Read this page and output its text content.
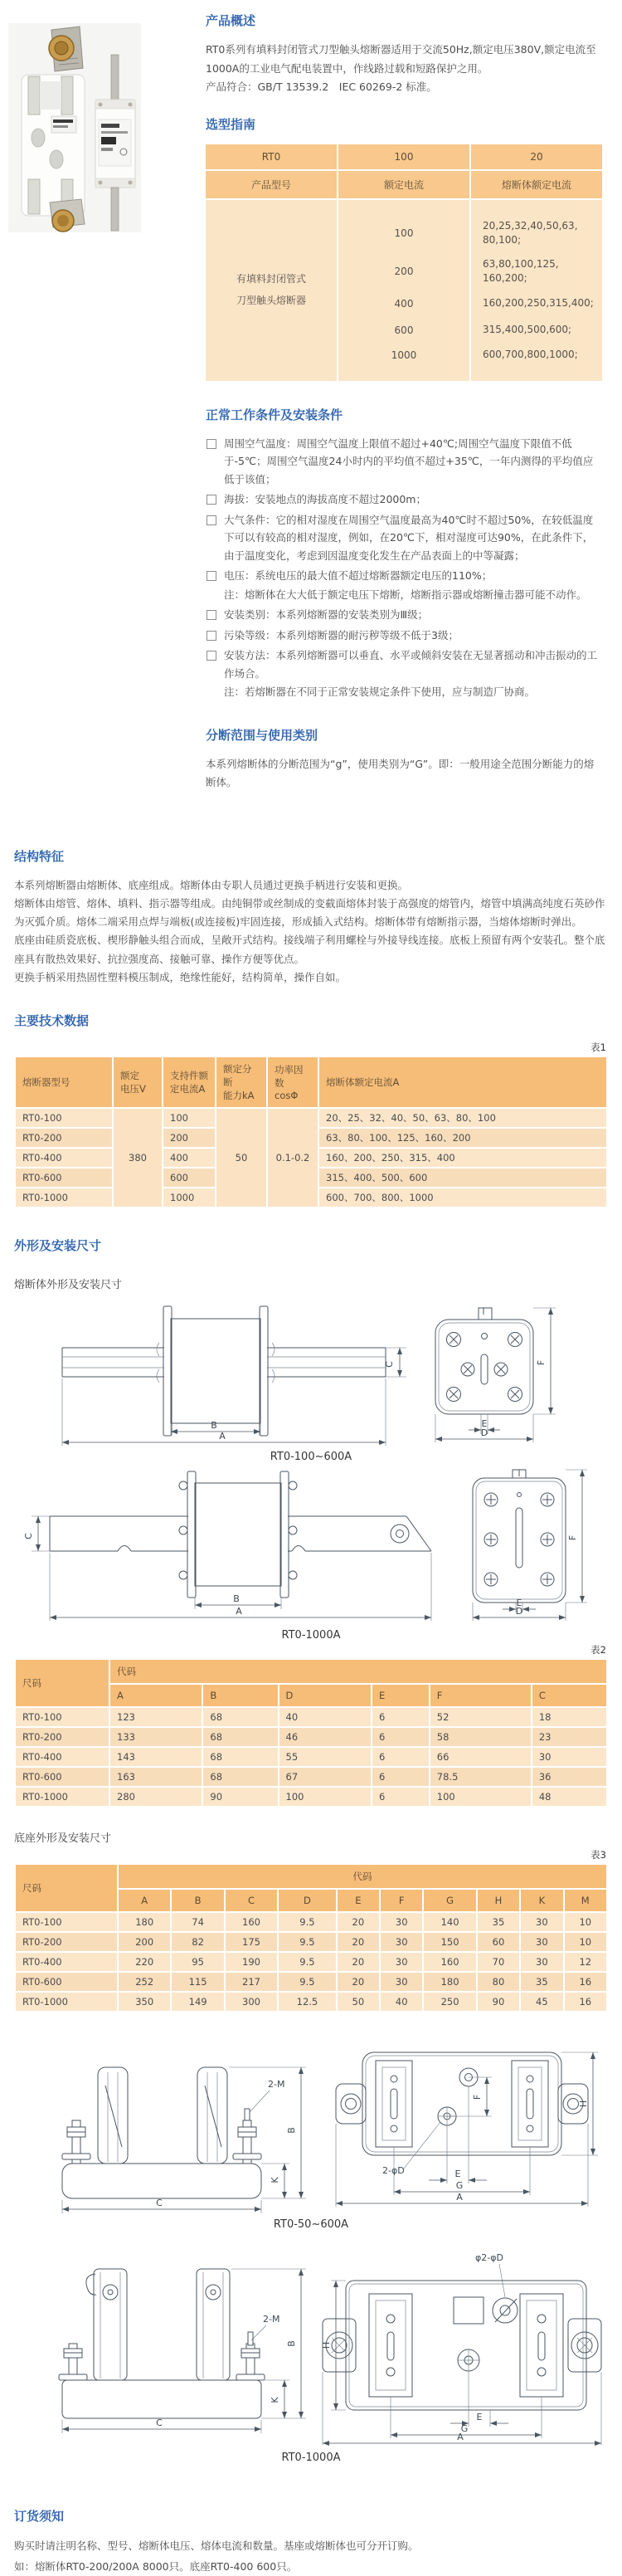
产品概述

RT0系列有填料封闭管式刀型触头熔断器适用于交流50Hz,额定电压380V,额定电流至1000A的工业电气配电装置中，作线路过载和短路保护之用。
产品符合：GB/T 13539.2　IEC 60269-2 标准。

选型指南
RT0	100	20
产品型号	额定电流	熔断体额定电流
有填料封闭管式
刀型触头熔断器
100
200
400
600
1000
20,25,32,40,50,63, 80,100;
63,80,100,125, 160,200;
160,200,250,315,400;
315,400,500,600;
600,700,800,1000;
正常工作条件及安装条件
周围空气温度：周围空气温度上限值不超过+40℃;周围空气温度下限值不低于-5℃；周围空气温度24小时内的平均值不超过+35℃，一年内测得的平均值应低于该值；
海拔：安装地点的海拔高度不超过2000m；
大气条件：它的相对湿度在周围空气温度最高为40℃时不超过50%，在较低温度下可以有较高的相对湿度，例如，在20℃下，相对湿度可达90%，在此条件下，由于温度变化，考虑到因温度变化发生在产品表面上的中等凝露；
电压：系统电压的最大值不超过熔断器额定电压的110%；
注：熔断体在大大低于额定电压下熔断，熔断指示器或熔断撞击器可能不动作。
安装类别：本系列熔断器的安装类别为Ⅲ级；
污染等级：本系列熔断器的耐污秽等级不低于3级；
安装方法：本系列熔断器可以垂直、水平或倾斜安装在无显著摇动和冲击振动的工作场合。
注：若熔断器在不同于正常安装规定条件下使用，应与制造厂协商。
分断范围与使用类别

本系列熔断体的分断范围为“g”，使用类别为“G”。即：一般用途全范围分断能力的熔断体。

结构特征

本系列熔断器由熔断体、底座组成。熔断体由专职人员通过更换手柄进行安装和更换。

熔断体由熔管、熔体、填料、指示器等组成。由纯铜带或丝制成的变截面熔体封装于高强度的熔管内，熔管中填满高纯度石英砂作为灭弧介质。熔体二端采用点焊与端板(或连接板)牢固连接，形成插入式结构。熔断体带有熔断指示器，当熔体熔断时弹出。

底座由硅质瓷底板、楔形静触头组合而成，呈敞开式结构。接线端子利用螺栓与外接导线连接。底板上预留有两个安装孔。整个底座具有散热效果好、抗拉强度高、接触可靠、操作方便等优点。

更换手柄采用热固性塑料模压制成，绝缘性能好，结构简单，操作自如。

主要技术数据
表1
熔断器型号	额定
电压V	支持件额
定电流A	额定分断
能力kA	功率因数
cosΦ	熔断体额定电流A
RT0-100	380	100	50	0.1-0.2	20、25、32、40、50、63、80、100
RT0-200		200			63、80、100、125、160、200
RT0-400		400			160、200、250、315、400
RT0-600		600			315、400、500、600
RT0-1000		1000			600、700、800、1000
外形及安装尺寸
熔断体外形及安装尺寸
C
B
A
F
E
D
RT0-100~600A
C
B
A
F
E
D
RT0-1000A
表2
尺码	代码					
	A	B	D	E	F	C
RT0-100	123	68	40	6	52	18
RT0-200	133	68	46	6	58	23
RT0-400	143	68	55	6	66	30
RT0-600	163	68	67	6	78.5	36
RT0-1000	280	90	100	6	100	48
底座外形及安装尺寸
表3
尺码	代码									
	A	B	C	D	E	F	G	H	K	M
RT0-100	180	74	160	9.5	20	30	140	35	30	10
RT0-200	200	82	175	9.5	20	30	150	60	30	10
RT0-400	220	95	190	9.5	20	30	160	70	30	12
RT0-600	252	115	217	9.5	20	30	180	80	35	16
RT0-1000	350	149	300	12.5	50	40	250	90	45	16
2-M
B
K
C
F
H
2-φD	E
G
A
RT0-50~600A
2-M
B
K
C
φ2-φD
H
E
G
A
RT0-1000A
订货须知

购买时请注明名称、型号、熔断体电压、熔体电流和数量。基座或熔断体也可分开订购。

如：熔断体RT0-200/200A 8000只。底座RT0-400 600只。
